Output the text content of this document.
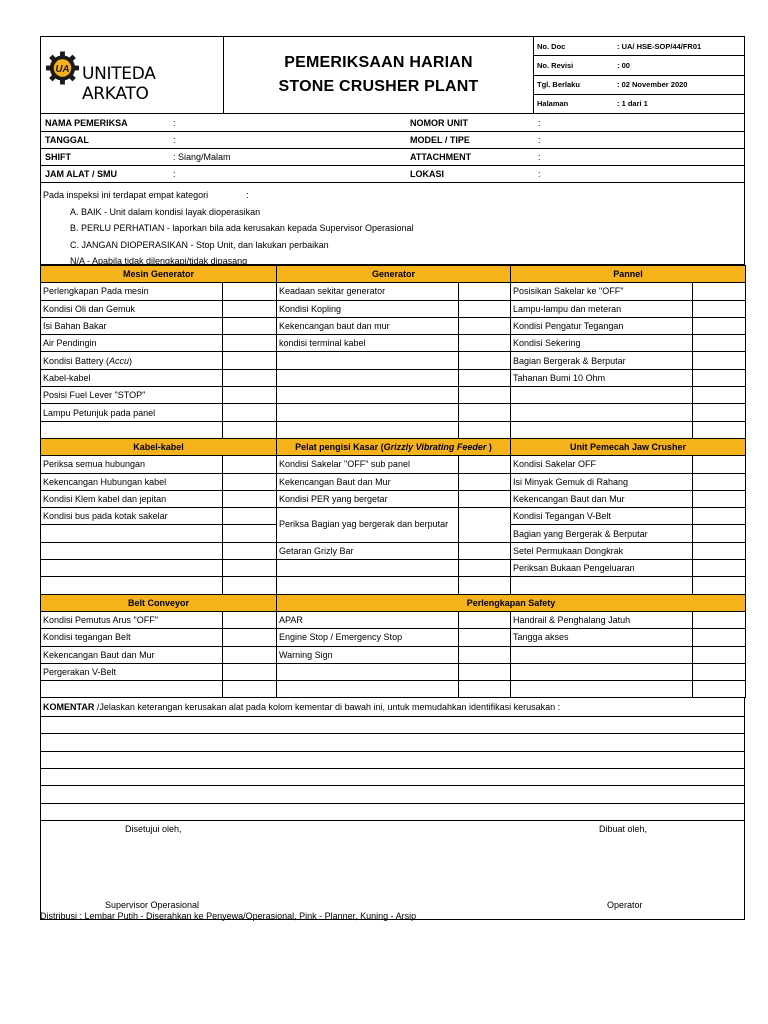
UA UNITEDA ARKATO
PEMERIKSAAN HARIAN
STONE CRUSHER PLANT
No. Doc	: UA/ HSE-SOP/44/FR01
No. Revisi	: 00
Tgl. Berlaku	: 02 November 2020
Halaman	: 1 dari 1
NAMA PEMERIKSA	:	NOMOR UNIT	:
TANGGAL	:	MODEL / TIPE	:
SHIFT	: Siang/Malam	ATTACHMENT	:
JAM ALAT / SMU	:	LOKASI	:
Pada inspeksi ini terdapat empat kategori	:
A. BAIK - Unit dalam kondisi layak dioperasikan
B. PERLU PERHATIAN - laporkan bila ada kerusakan kepada Supervisor Operasional
C. JANGAN DIOPERASIKAN - Stop Unit, dan lakukan perbaikan
N/A - Apabila tidak dilengkapi/tidak dipasang
Mesin Generator		Generator		Pannel	
Perlengkapan Pada mesin		Keadaan sekitar generator		Posisikan Sakelar ke "OFF"	
Kondisi Oli dan Gemuk		Kondisi Kopling		Lampu-lampu dan meteran	
Isi Bahan Bakar		Kekencangan baut dan mur		Kondisi Pengatur Tegangan	
Air Pendingin		kondisi terminal kabel		Kondisi Sekering	
Kondisi Battery (Accu)				Bagian Bergerak & Berputar	
Kabel-kabel				Tahanan Bumi 10 Ohm	
Posisi Fuel Lever "STOP"					
Lampu Petunjuk pada panel					

Kabel-kabel		Pelat pengisi Kasar (Grizzly Vibrating Feeder )		Unit Pemecah Jaw Crusher	
Periksa semua hubungan		Kondisi Sakelar "OFF" sub panel		Kondisi Sakelar OFF	
Kekencangan Hubungan kabel		Kekencangan Baut dan Mur		Isi Minyak Gemuk di Rahang	
Kondisi Klem kabel dan jepitan		Kondisi PER yang bergetar		Kekencangan Baut dan Mur	
Kondisi bus pada kotak sakelar		Periksa Bagian yag bergerak dan berputar		Kondisi Tegangan V-Belt	
				Bagian yang Bergerak & Berputar	
		Getaran Grizly Bar		Setel Permukaan Dongkrak	
				Periksan Bukaan Pengeluaran	

Belt Conveyor		Perlengkapan Safety			
Kondisi Pemutus Arus "OFF"		APAR		Handrail & Penghalang Jatuh	
Kondisi tegangan Belt		Engine Stop / Emergency Stop		Tangga akses	
Kekencangan Baut dan Mur		Warning Sign			
Pergerakan V-Belt					

KOMENTAR /Jelaskan keterangan kerusakan alat pada kolom kementar di bawah ini, untuk memudahkan identifikasi kerusakan :
Disetujui oleh,	Dibuat oleh,
Supervisor Operasional	Operator
Distribusi : Lembar Putih - Diserahkan ke Penyewa/Operasional, Pink - Planner, Kuning - Arsip
